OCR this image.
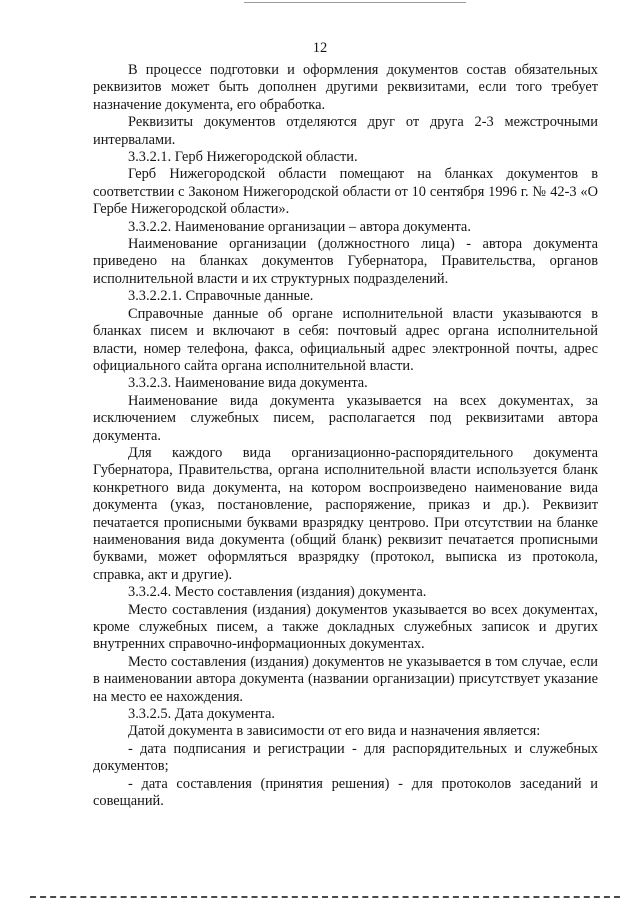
12

В процессе подготовки и оформления документов состав обязательных реквизитов может быть дополнен другими реквизитами, если того требует назначение документа, его обработка.

Реквизиты документов отделяются друг от друга 2-3 межстрочными интервалами.

3.3.2.1. Герб Нижегородской области.

Герб Нижегородской области помещают на бланках документов в соответствии с Законом Нижегородской области от 10 сентября 1996 г. № 42-3 «О Гербе Нижегородской области».

3.3.2.2. Наименование организации – автора документа.

Наименование организации (должностного лица) - автора документа приведено на бланках документов Губернатора, Правительства, органов исполнительной власти и их структурных подразделений.

3.3.2.2.1. Справочные данные.

Справочные данные об органе исполнительной власти указываются в бланках писем и включают в себя: почтовый адрес органа исполнительной власти, номер телефона, факса, официальный адрес электронной почты, адрес официального сайта органа исполнительной власти.

3.3.2.3. Наименование вида документа.

Наименование вида документа указывается на всех документах, за исключением служебных писем, располагается под реквизитами автора документа.

Для каждого вида организационно-распорядительного документа Губернатора, Правительства, органа исполнительной власти используется бланк конкретного вида документа, на котором воспроизведено наименование вида документа (указ, постановление, распоряжение, приказ и др.). Реквизит печатается прописными буквами вразрядку центрово. При отсутствии на бланке наименования вида документа (общий бланк) реквизит печатается прописными буквами, может оформляться вразрядку (протокол, выписка из протокола, справка, акт и другие).

3.3.2.4. Место составления (издания) документа.

Место составления (издания) документов указывается во всех документах, кроме служебных писем, а также докладных служебных записок и других внутренних справочно-информационных документах.

Место составления (издания) документов не указывается в том случае, если в наименовании автора документа (названии организации) присутствует указание на место ее нахождения.

3.3.2.5. Дата документа.

Датой документа в зависимости от его вида и назначения является:

- дата подписания и регистрации - для распорядительных и служебных документов;

- дата составления (принятия решения) - для протоколов заседаний и совещаний.
